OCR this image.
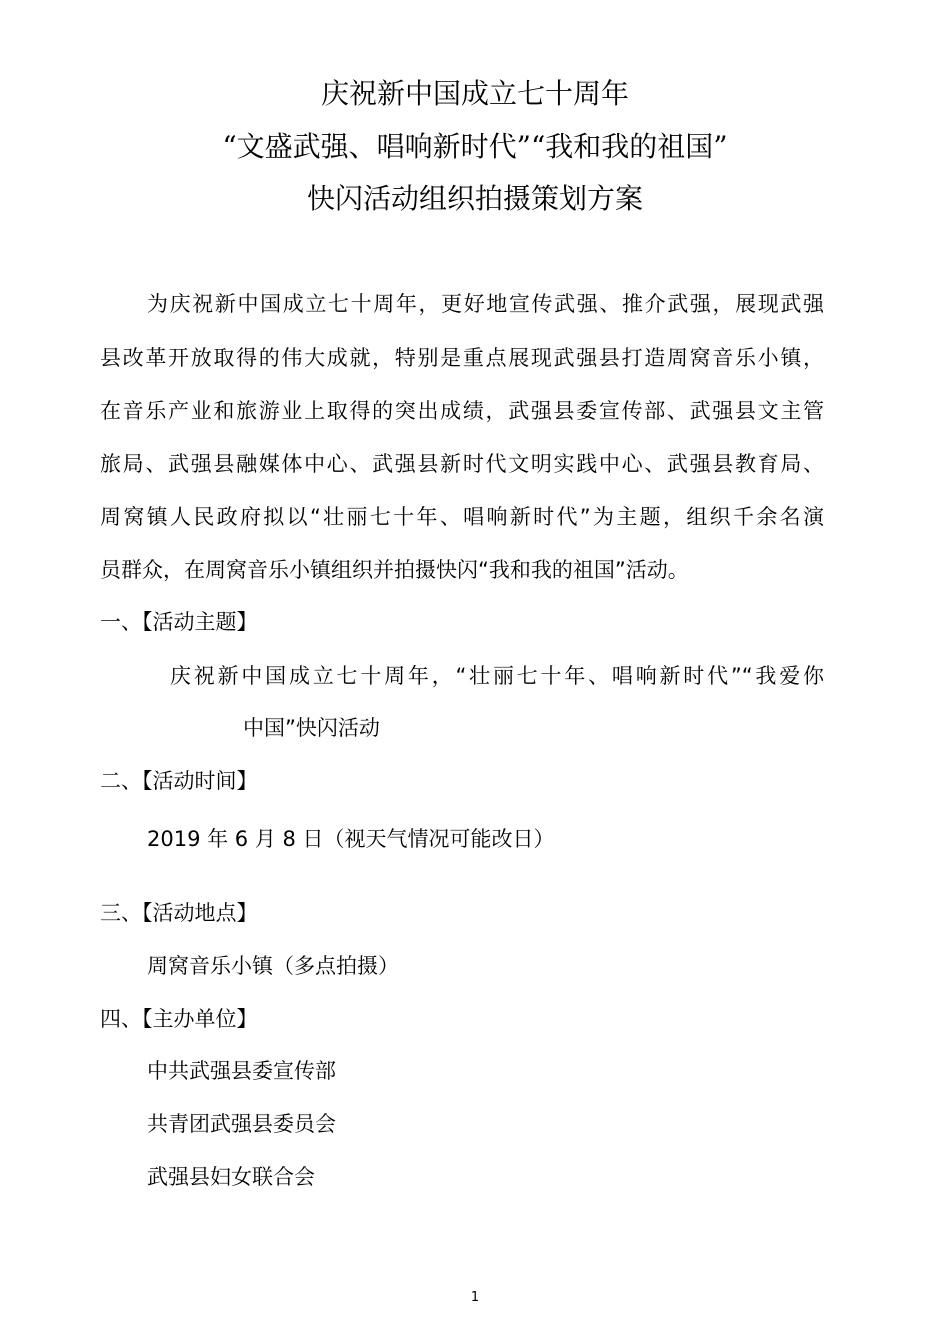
庆祝新中国成立七十周年
“文盛武强、唱响新时代”“我和我的祖国”
快闪活动组织拍摄策划方案
为庆祝新中国成立七十周年，更好地宣传武强、推介武强，展现武强
县改革开放取得的伟大成就，特别是重点展现武强县打造周窝音乐小镇，
在音乐产业和旅游业上取得的突出成绩，武强县委宣传部、武强县文主管
旅局、武强县融媒体中心、武强县新时代文明实践中心、武强县教育局、
周窝镇人民政府拟以“壮丽七十年、唱响新时代”为主题，组织千余名演
员群众，在周窝音乐小镇组织并拍摄快闪“我和我的祖国”活动。
一、【活动主题】
庆祝新中国成立七十周年，“壮丽七十年、唱响新时代”“我爱你
中国”快闪活动
二、【活动时间】
2019 年 6 月 8 日（视天气情况可能改日）
三、【活动地点】
周窝音乐小镇（多点拍摄）
四、【主办单位】
中共武强县委宣传部
共青团武强县委员会
武强县妇女联合会
1
